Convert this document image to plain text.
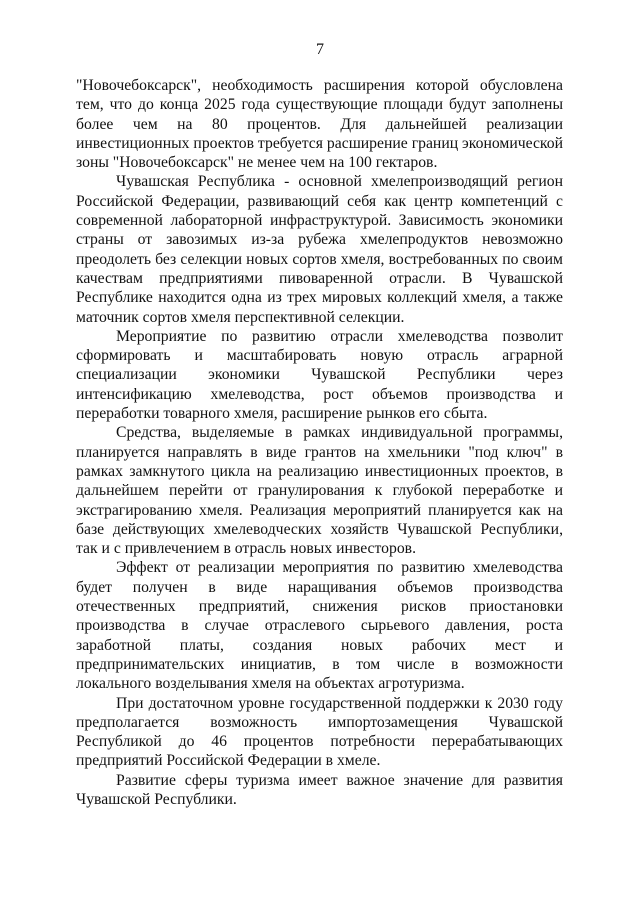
7

"Новочебоксарск", необходимость расширения которой обусловлена тем, что до конца 2025 года существующие площади будут заполнены более чем на 80 процентов. Для дальнейшей реализации инвестиционных проектов требуется расширение границ экономической зоны "Новочебоксарск" не менее чем на 100 гектаров.

Чувашская Республика - основной хмелепроизводящий регион Российской Федерации, развивающий себя как центр компетенций с современной лабораторной инфраструктурой. Зависимость экономики страны от завозимых из-за рубежа хмелепродуктов невозможно преодолеть без селекции новых сортов хмеля, востребованных по своим качествам предприятиями пивоваренной отрасли. В Чувашской Республике находится одна из трех мировых коллекций хмеля, а также маточник сортов хмеля перспективной селекции.

Мероприятие по развитию отрасли хмелеводства позволит сформировать и масштабировать новую отрасль аграрной специализации экономики Чувашской Республики через интенсификацию хмелеводства, рост объемов производства и переработки товарного хмеля, расширение рынков его сбыта.

Средства, выделяемые в рамках индивидуальной программы, планируется направлять в виде грантов на хмельники "под ключ" в рамках замкнутого цикла на реализацию инвестиционных проектов, в дальнейшем перейти от гранулирования к глубокой переработке и экстрагированию хмеля. Реализация мероприятий планируется как на базе действующих хмелеводческих хозяйств Чувашской Республики, так и с привлечением в отрасль новых инвесторов.

Эффект от реализации мероприятия по развитию хмелеводства будет получен в виде наращивания объемов производства отечественных предприятий, снижения рисков приостановки производства в случае отраслевого сырьевого давления, роста заработной платы, создания новых рабочих мест и предпринимательских инициатив, в том числе в возможности локального возделывания хмеля на объектах агротуризма.

При достаточном уровне государственной поддержки к 2030 году предполагается возможность импортозамещения Чувашской Республикой до 46 процентов потребности перерабатывающих предприятий Российской Федерации в хмеле.

Развитие сферы туризма имеет важное значение для развития Чувашской Республики.
